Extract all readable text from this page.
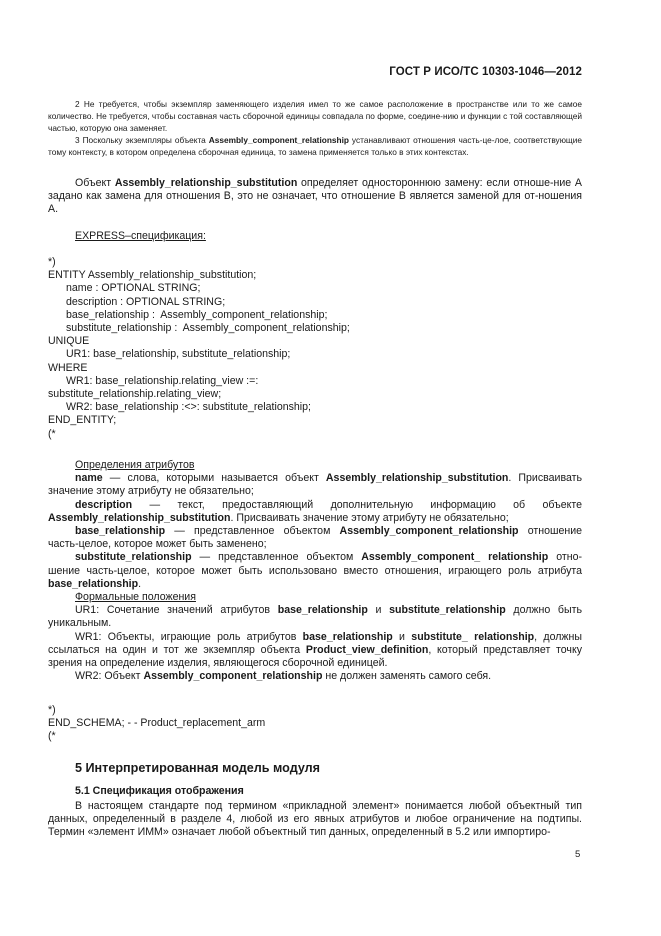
ГОСТ Р ИСО/ТС 10303-1046—2012

2 Не требуется, чтобы экземпляр заменяющего изделия имел то же самое расположение в пространстве или то же самое количество. Не требуется, чтобы составная часть сборочной единицы совпадала по форме, соедине-нию и функции с той составляющей частью, которую она заменяет.

3 Поскольку экземпляры объекта Assembly_component_relationship устанавливают отношения часть-це-лое, соответствующие тому контексту, в котором определена сборочная единица, то замена применяется только в этих контекстах.

Объект Assembly_relationship_substitution определяет одностороннюю замену: если отноше-ние A задано как замена для отношения B, это не означает, что отношение B является заменой для от-ношения A.

EXPRESS–спецификация:

*)
ENTITY Assembly_relationship_substitution;
name : OPTIONAL STRING;
description : OPTIONAL STRING;
base_relationship :  Assembly_component_relationship;
substitute_relationship :  Assembly_component_relationship;
UNIQUE
UR1: base_relationship, substitute_relationship;
WHERE
WR1: base_relationship.relating_view :=:
substitute_relationship.relating_view;
WR2: base_relationship :<>: substitute_relationship;
END_ENTITY;
(*

Определения атрибутов

name — слова, которыми называется объект Assembly_relationship_substitution. Присваивать значение этому атрибуту не обязательно;

description — текст, предоставляющий дополнительную информацию об объекте Assembly_relationship_substitution. Присваивать значение этому атрибуту не обязательно;

base_relationship — представленное объектом Assembly_component_relationship отношение часть-целое, которое может быть заменено;

substitute_relationship — представленное объектом Assembly_component_ relationship отно-шение часть-целое, которое может быть использовано вместо отношения, играющего роль атрибута base_relationship.

Формальные положения

UR1: Сочетание значений атрибутов base_relationship и substitute_relationship должно быть уникальным.

WR1: Объекты, играющие роль атрибутов base_relationship и substitute_ relationship, должны ссылаться на один и тот же экземпляр объекта Product_view_definition, который представляет точку зрения на определение изделия, являющегося сборочной единицей.

WR2: Объект Assembly_component_relationship не должен заменять самого себя.

*)
END_SCHEMA; - - Product_replacement_arm
(*
5 Интерпретированная модель модуля
5.1 Спецификация отображения

В настоящем стандарте под термином «прикладной элемент» понимается любой объектный тип данных, определенный в разделе 4, любой из его явных атрибутов и любое ограничение на подтипы. Термин «элемент ИММ» означает любой объектный тип данных, определенный в 5.2 или импортиро-

5
